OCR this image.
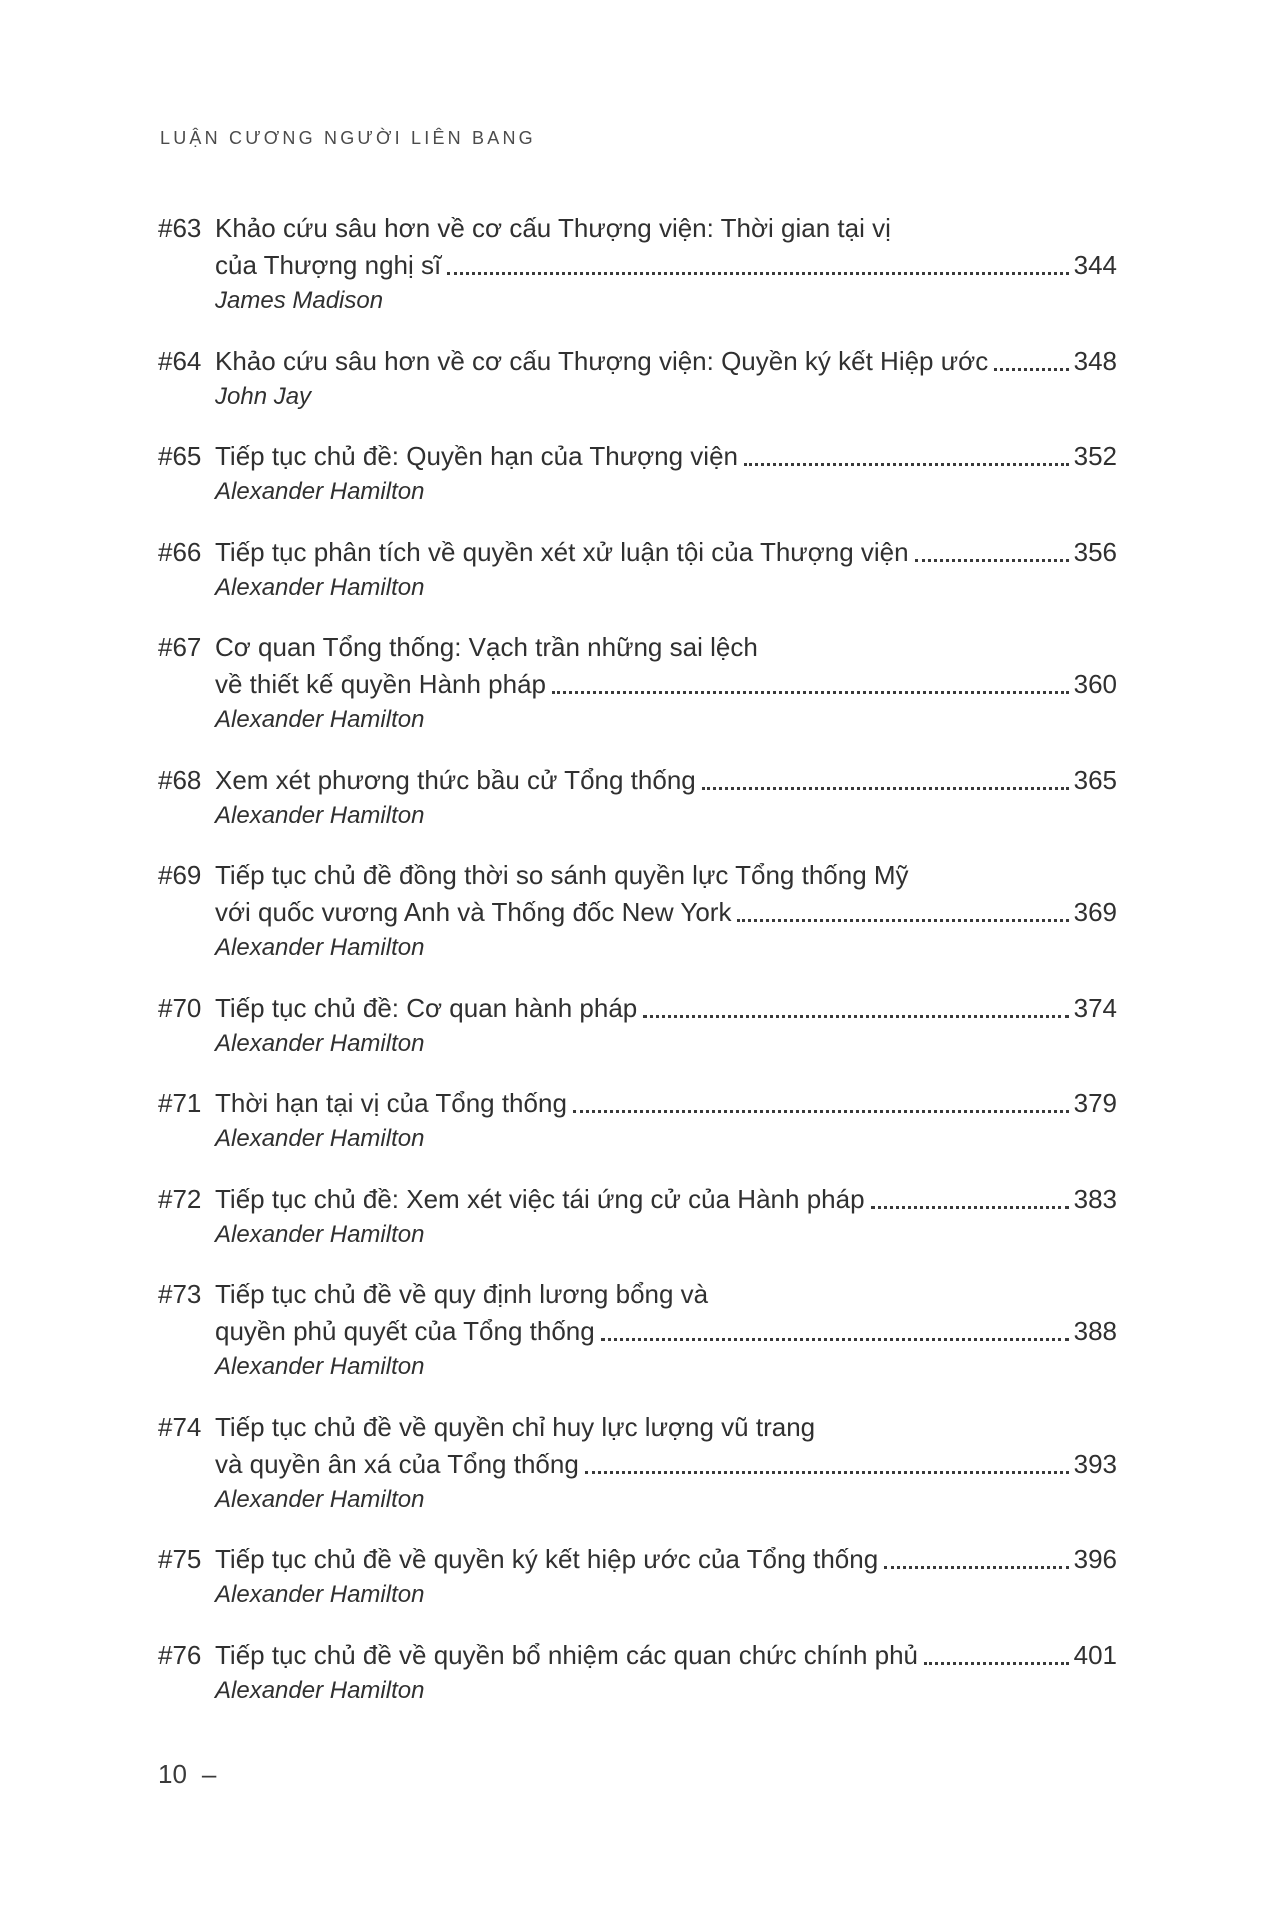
LUẬN CƯƠNG NGƯỜI LIÊN BANG
#63 Khảo cứu sâu hơn về cơ cấu Thượng viện: Thời gian tại vị
của Thượng nghị sĩ	344
James Madison
#64 Khảo cứu sâu hơn về cơ cấu Thượng viện: Quyền ký kết Hiệp ước	348
John Jay
#65 Tiếp tục chủ đề: Quyền hạn của Thượng viện	352
Alexander Hamilton
#66 Tiếp tục phân tích về quyền xét xử luận tội của Thượng viện	356
Alexander Hamilton
#67 Cơ quan Tổng thống: Vạch trần những sai lệch
về thiết kế quyền Hành pháp	360
Alexander Hamilton
#68 Xem xét phương thức bầu cử Tổng thống	365
Alexander Hamilton
#69 Tiếp tục chủ đề đồng thời so sánh quyền lực Tổng thống Mỹ
với quốc vương Anh và Thống đốc New York	369
Alexander Hamilton
#70 Tiếp tục chủ đề: Cơ quan hành pháp	374
Alexander Hamilton
#71 Thời hạn tại vị của Tổng thống	379
Alexander Hamilton
#72 Tiếp tục chủ đề: Xem xét việc tái ứng cử của Hành pháp	383
Alexander Hamilton
#73 Tiếp tục chủ đề về quy định lương bổng và
quyền phủ quyết của Tổng thống	388
Alexander Hamilton
#74 Tiếp tục chủ đề về quyền chỉ huy lực lượng vũ trang
và quyền ân xá của Tổng thống	393
Alexander Hamilton
#75 Tiếp tục chủ đề về quyền ký kết hiệp ước của Tổng thống	396
Alexander Hamilton
#76 Tiếp tục chủ đề về quyền bổ nhiệm các quan chức chính phủ	401
Alexander Hamilton
10 –
